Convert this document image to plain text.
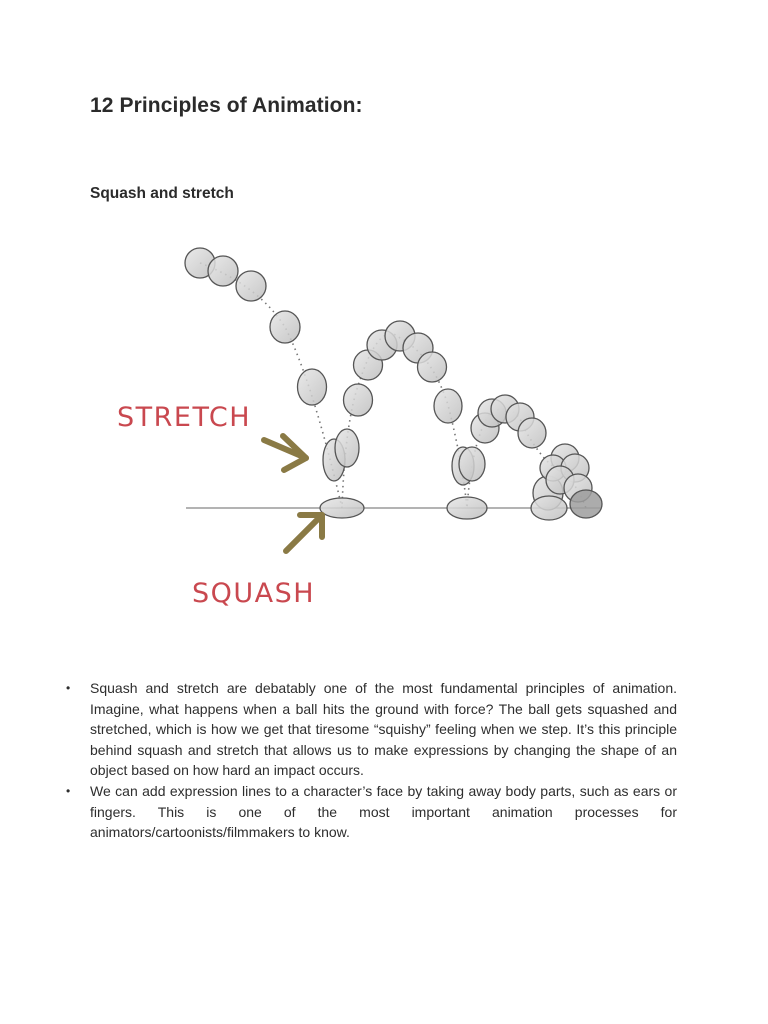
12 Principles of Animation:
Squash and stretch
STRETCH
SQUASH
• Squash and stretch are debatably one of the most fundamental principles of animation. Imagine, what happens when a ball hits the ground with force? The ball gets squashed and stretched, which is how we get that tiresome “squishy” feeling when we step. It’s this principle behind squash and stretch that allows us to make expressions by changing the shape of an object based on how hard an impact occurs.
• We can add expression lines to a character’s face by taking away body parts, such as ears or fingers. This is one of the most important animation processes for animators/cartoonists/filmmakers to know.
